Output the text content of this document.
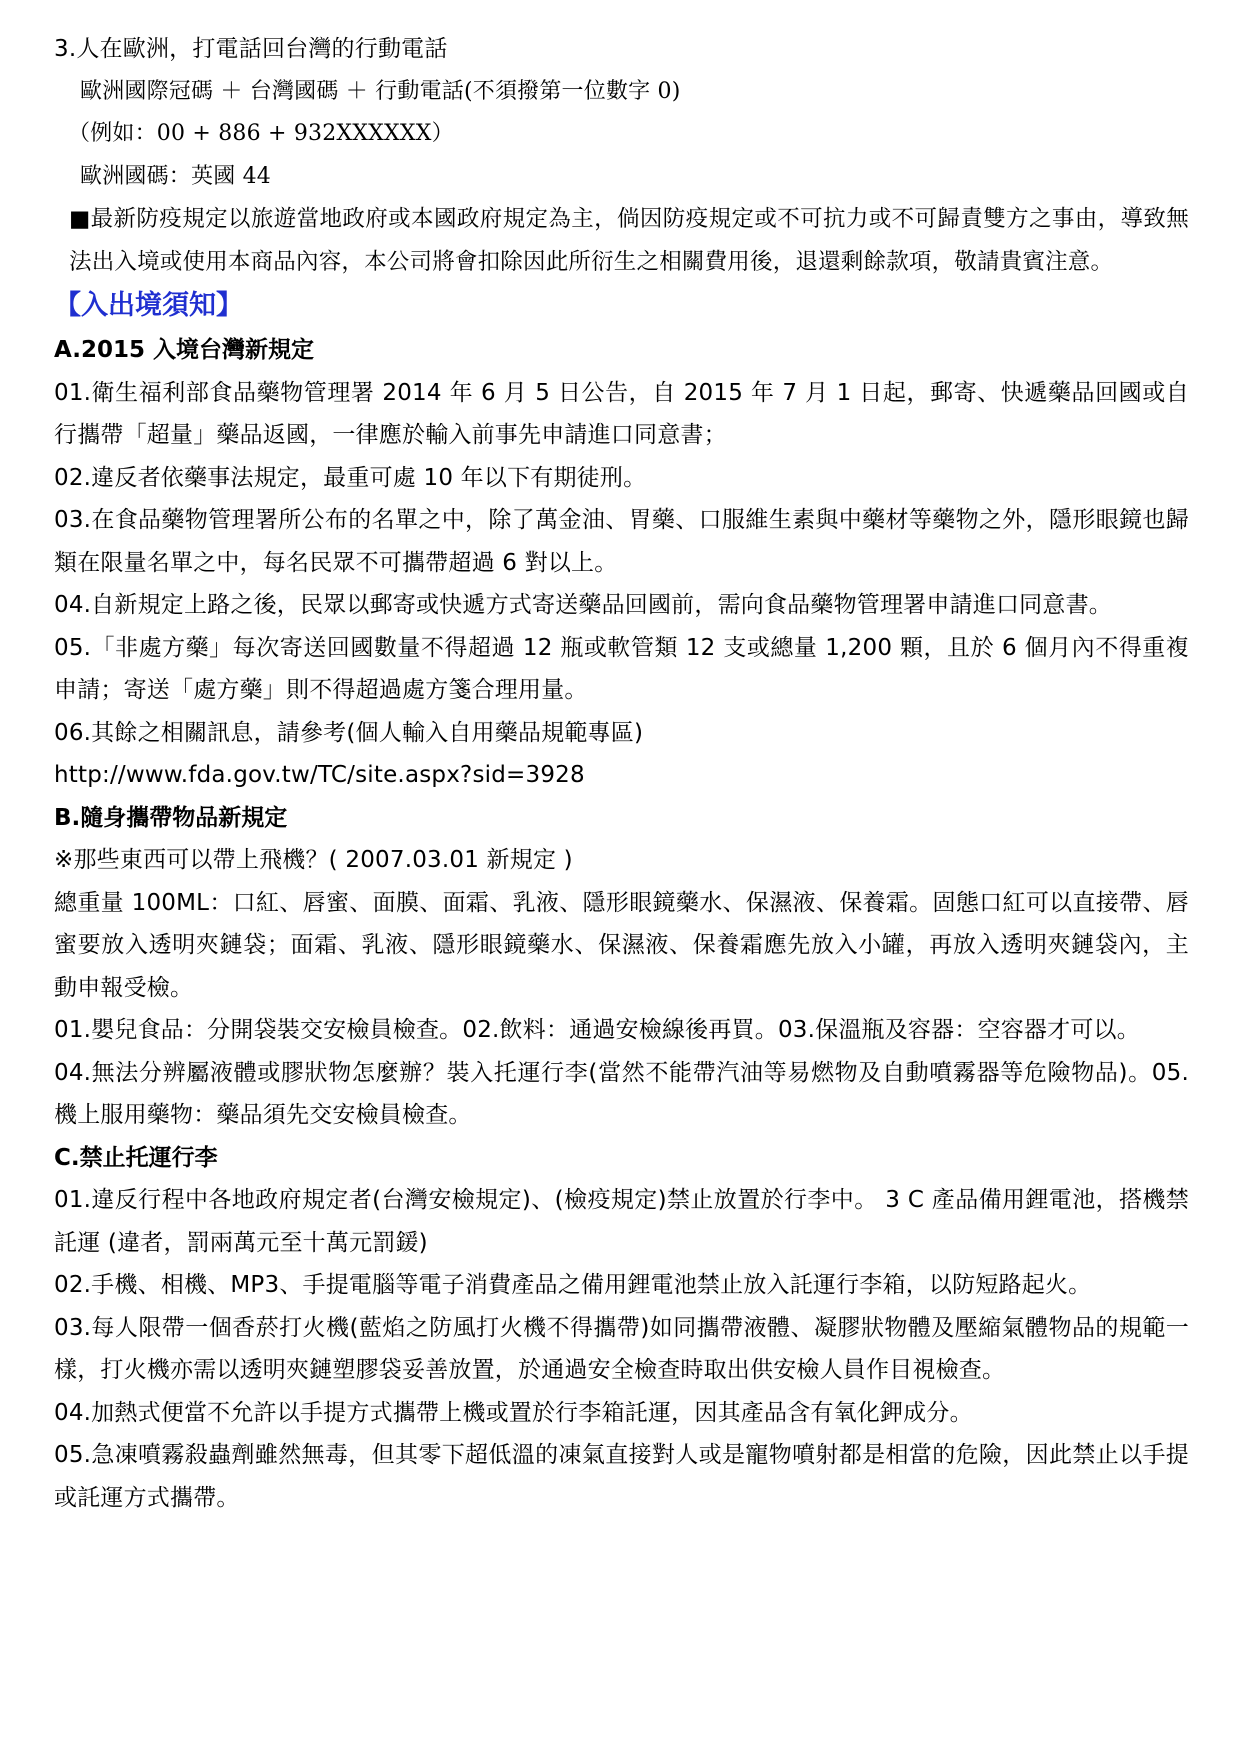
3.人在歐洲，打電話回台灣的行動電話
歐洲國際冠碼 ＋ 台灣國碼 ＋ 行動電話(不須撥第一位數字 0)
（例如：00 + 886 + 932XXXXXX）
歐洲國碼：英國 44
■最新防疫規定以旅遊當地政府或本國政府規定為主，倘因防疫規定或不可抗力或不可歸責雙方之事由，導致無法出入境或使用本商品內容，本公司將會扣除因此所衍生之相關費用後，退還剩餘款項，敬請貴賓注意。
【入出境須知】
A.2015 入境台灣新規定
01.衛生福利部食品藥物管理署 2014 年 6 月 5 日公告，自 2015 年 7 月 1 日起，郵寄、快遞藥品回國或自行攜帶「超量」藥品返國，一律應於輸入前事先申請進口同意書；
02.違反者依藥事法規定，最重可處 10 年以下有期徒刑。
03.在食品藥物管理署所公布的名單之中，除了萬金油、胃藥、口服維生素與中藥材等藥物之外，隱形眼鏡也歸類在限量名單之中，每名民眾不可攜帶超過 6 對以上。
04.自新規定上路之後，民眾以郵寄或快遞方式寄送藥品回國前，需向食品藥物管理署申請進口同意書。
05.「非處方藥」每次寄送回國數量不得超過 12 瓶或軟管類 12 支或總量 1,200 顆，且於 6 個月內不得重複申請；寄送「處方藥」則不得超過處方箋合理用量。
06.其餘之相關訊息，請參考(個人輸入自用藥品規範專區)
http://www.fda.gov.tw/TC/site.aspx?sid=3928
B.隨身攜帶物品新規定
※那些東西可以帶上飛機？( 2007.03.01 新規定 )
總重量 100ML：口紅、唇蜜、面膜、面霜、乳液、隱形眼鏡藥水、保濕液、保養霜。固態口紅可以直接帶、唇蜜要放入透明夾鏈袋；面霜、乳液、隱形眼鏡藥水、保濕液、保養霜應先放入小罐，再放入透明夾鏈袋內，主動申報受檢。
01.嬰兒食品：分開袋裝交安檢員檢查。02.飲料：通過安檢線後再買。03.保溫瓶及容器：空容器才可以。
04.無法分辨屬液體或膠狀物怎麼辦？裝入托運行李(當然不能帶汽油等易燃物及自動噴霧器等危險物品)。05.機上服用藥物：藥品須先交安檢員檢查。
C.禁止托運行李
01.違反行程中各地政府規定者(台灣安檢規定)、(檢疫規定)禁止放置於行李中。 3 C 產品備用鋰電池，搭機禁託運 (違者，罰兩萬元至十萬元罰鍰)
02.手機、相機、MP3、手提電腦等電子消費產品之備用鋰電池禁止放入託運行李箱，以防短路起火。
03.每人限帶一個香菸打火機(藍焰之防風打火機不得攜帶)如同攜帶液體、凝膠狀物體及壓縮氣體物品的規範一樣，打火機亦需以透明夾鏈塑膠袋妥善放置，於通過安全檢查時取出供安檢人員作目視檢查。
04.加熱式便當不允許以手提方式攜帶上機或置於行李箱託運，因其產品含有氧化鉀成分。
05.急凍噴霧殺蟲劑雖然無毒，但其零下超低溫的凍氣直接對人或是寵物噴射都是相當的危險，因此禁止以手提或託運方式攜帶。
